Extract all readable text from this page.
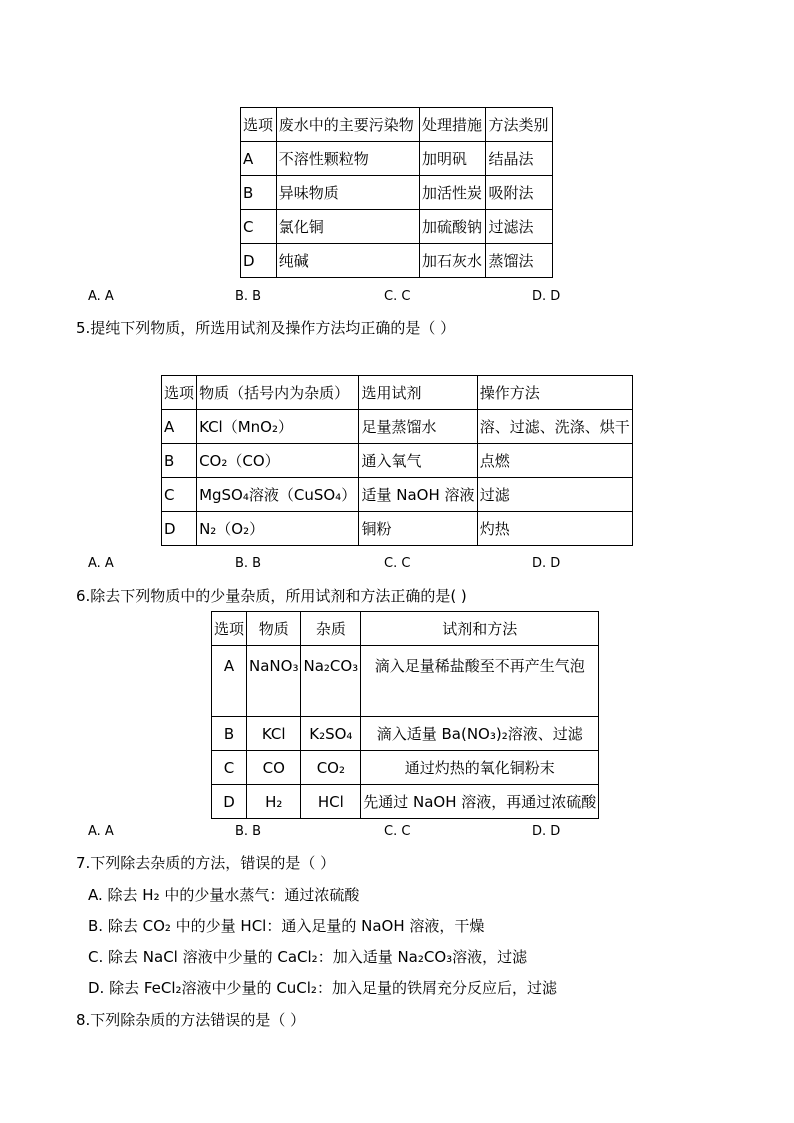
选项	废水中的主要污染物	处理措施	方法类别
A	不溶性颗粒物	加明矾	结晶法
B	异味物质	加活性炭	吸附法
C	氯化铜	加硫酸钠	过滤法
D	纯碱	加石灰水	蒸馏法
A. A	B. B	C. C	D. D
5.提纯下列物质，所选用试剂及操作方法均正确的是（ ）
选项	物质（括号内为杂质）	选用试剂	操作方法
A	KCl（MnO₂）	足量蒸馏水	溶、过滤、洗涤、烘干
B	CO₂（CO）	通入氧气	点燃
C	MgSO₄溶液（CuSO₄）	适量 NaOH 溶液	过滤
D	N₂（O₂）	铜粉	灼热
A. A	B. B	C. C	D. D
6.除去下列物质中的少量杂质，所用试剂和方法正确的是( )
选项	物质	杂质	试剂和方法
A	NaNO₃	Na₂CO₃	滴入足量稀盐酸至不再产生气泡
B	KCl	K₂SO₄	滴入适量 Ba(NO₃)₂溶液、过滤
C	CO	CO₂	通过灼热的氧化铜粉末
D	H₂	HCl	先通过 NaOH 溶液，再通过浓硫酸
A. A	B. B	C. C	D. D
7.下列除去杂质的方法，错误的是（ ）
A. 除去 H₂ 中的少量水蒸气：通过浓硫酸
B. 除去 CO₂ 中的少量 HCl：通入足量的 NaOH 溶液，干燥
C. 除去 NaCl 溶液中少量的 CaCl₂：加入适量 Na₂CO₃溶液，过滤
D. 除去 FeCl₂溶液中少量的 CuCl₂：加入足量的铁屑充分反应后，过滤
8.下列除杂质的方法错误的是（ ）
